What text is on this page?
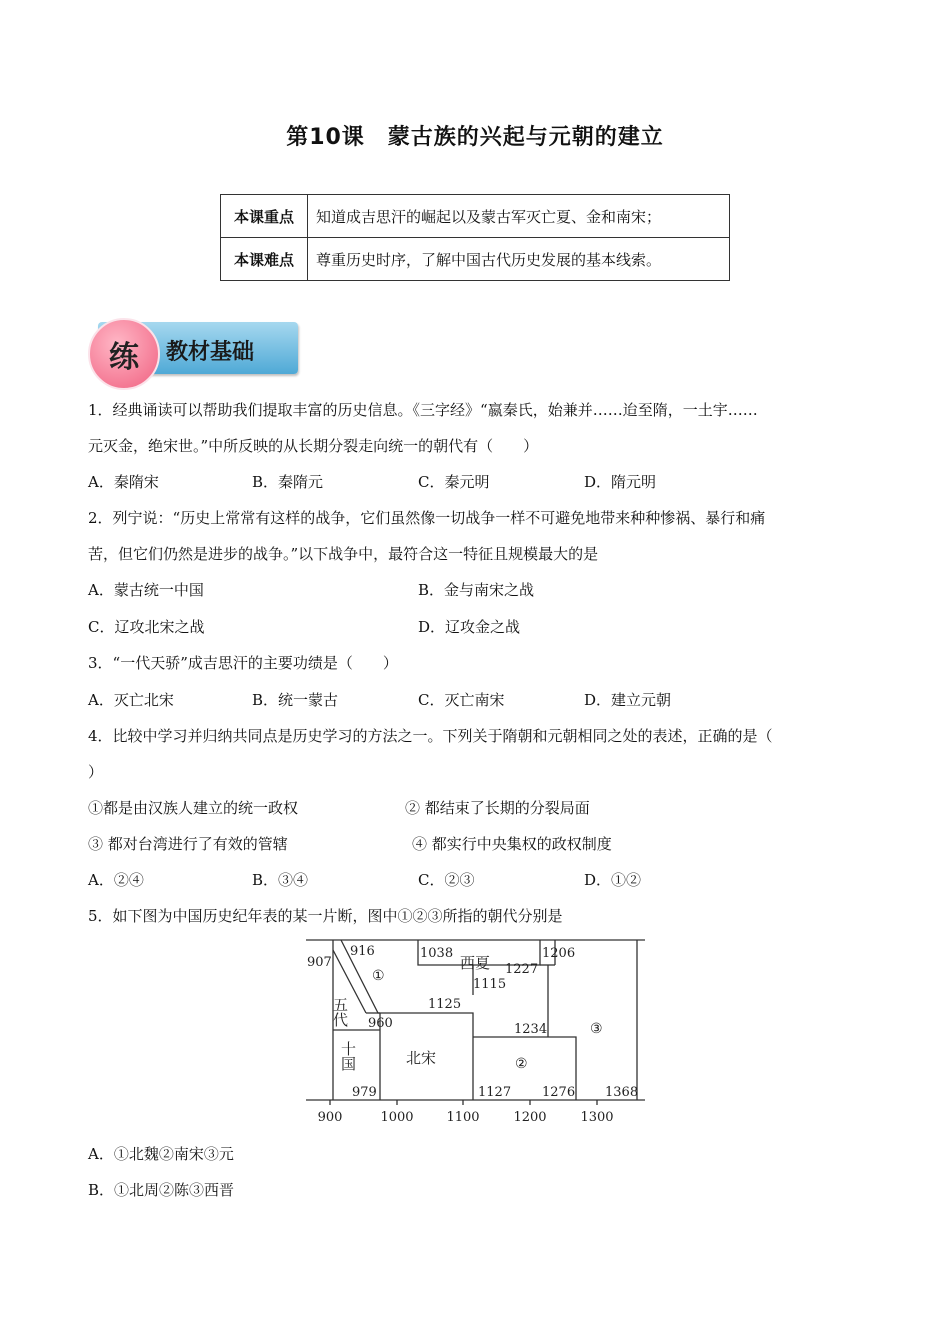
第10课　蒙古族的兴起与元朝的建立
本课重点	知道成吉思汗的崛起以及蒙古军灭亡夏、金和南宋；
本课难点	尊重历史时序，了解中国古代历史发展的基本线索。
练	教材基础
1．经典诵读可以帮助我们提取丰富的历史信息。《三字经》“嬴秦氏，始兼并……迨至隋，一土宇……
元灭金，绝宋世。”中所反映的从长期分裂走向统一的朝代有（　　）
A．秦隋宋	B．秦隋元	C．秦元明	D．隋元明
2．列宁说：“历史上常常有这样的战争，它们虽然像一切战争一样不可避免地带来种种惨祸、暴行和痛
苦，但它们仍然是进步的战争。”以下战争中，最符合这一特征且规模最大的是
A．蒙古统一中国	B．金与南宋之战
C．辽攻北宋之战	D．辽攻金之战
3．“一代天骄”成吉思汗的主要功绩是（　　）
A．灭亡北宋	B．统一蒙古	C．灭亡南宋	D．建立元朝
4．比较中学习并归纳共同点是历史学习的方法之一。下列关于隋朝和元朝相同之处的表述，正确的是（
）
①都是由汉族人建立的统一政权	② 都结束了长期的分裂局面
③ 都对台湾进行了有效的管辖	④ 都实行中央集权的政权制度
A．②④	B．③④	C．②③	D．①②
5．如下图为中国历史纪年表的某一片断，图中①②③所指的朝代分别是
907
916	1038
1227
1206
1115
1125
960	1234
979	1127 1276 1368
①
②
③
西夏
北宋
五代
十国
900	1000	1100	1200	1300
A．①北魏②南宋③元
B．①北周②陈③西晋
